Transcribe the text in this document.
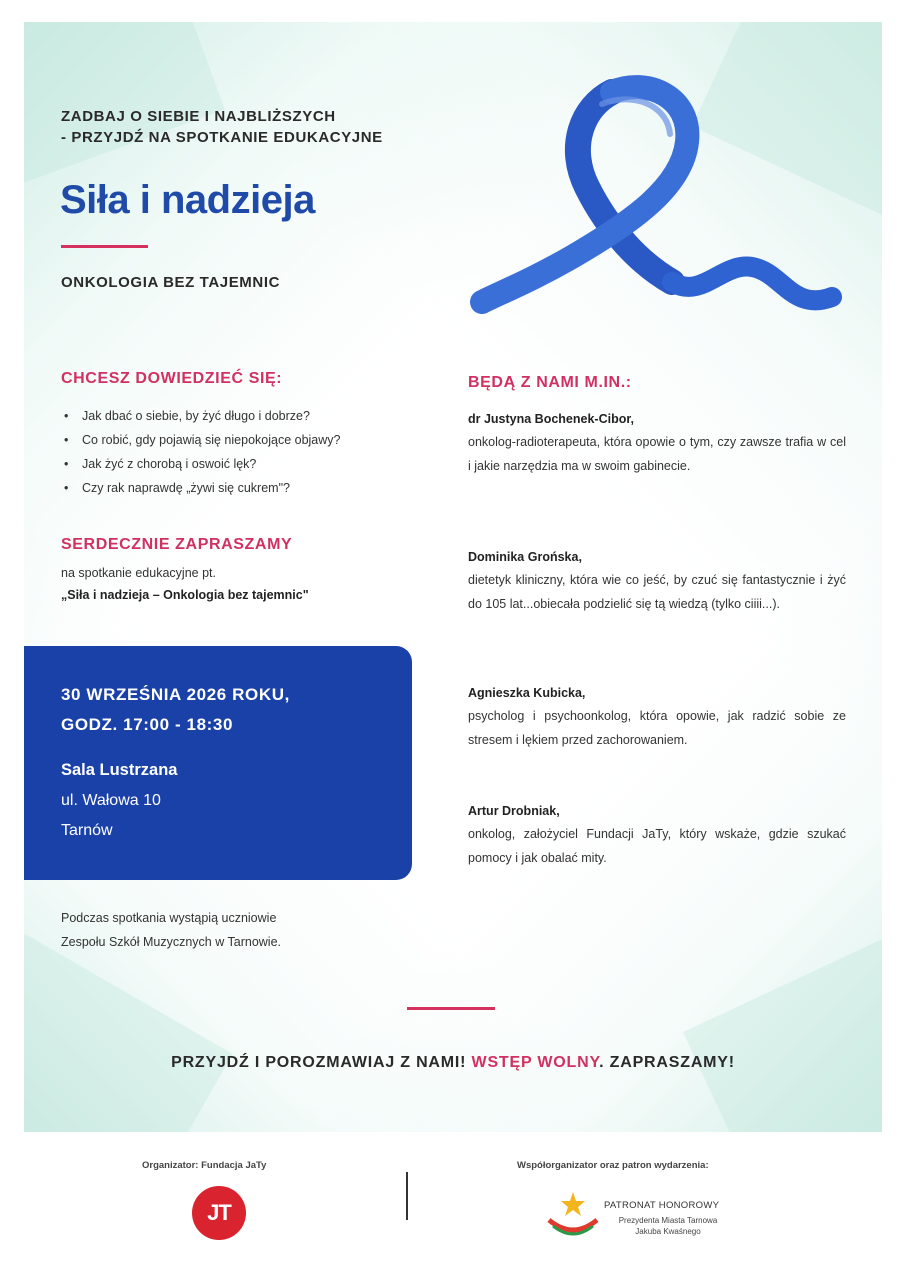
ZADBAJ O SIEBIE I NAJBLIŻSZYCH
- PRZYJDŹ NA SPOTKANIE EDUKACYJNE
Siła i nadzieja
ONKOLOGIA BEZ TAJEMNIC
CHCESZ DOWIEDZIEĆ SIĘ:
• Jak dbać o siebie, by żyć długo i dobrze?
• Co robić, gdy pojawią się niepokojące objawy?
• Jak żyć z chorobą i oswoić lęk?
• Czy rak naprawdę „żywi się cukrem"?
SERDECZNIE ZAPRASZAMY
na spotkanie edukacyjne pt.
„Siła i nadzieja – Onkologia bez tajemnic"
30 WRZEŚNIA 2026 ROKU,
GODZ. 17:00 - 18:30
Sala Lustrzana
ul. Wałowa 10
Tarnów
Podczas spotkania wystąpią uczniowie
Zespołu Szkół Muzycznych w Tarnowie.
BĘDĄ Z NAMI M.IN.:
dr Justyna Bochenek-Cibor,
onkolog-radioterapeuta, która opowie o tym, czy zawsze trafia w cel i jakie narzędzia ma w swoim gabinecie.
Dominika Grońska,
dietetyk kliniczny, która wie co jeść, by czuć się fantastycznie i żyć do 105 lat...obiecała podzielić się tą wiedzą (tylko ciiii...).
Agnieszka Kubicka,
psycholog i psychoonkolog, która opowie, jak radzić sobie ze stresem i lękiem przed zachorowaniem.
Artur Drobniak,
onkolog, założyciel Fundacji JaTy, który wskaże, gdzie szukać pomocy i jak obalać mity.
PRZYJDŹ I POROZMAWIAJ Z NAMI! WSTĘP WOLNY. ZAPRASZAMY!
Organizator: Fundacja JaTy
JT
Współorganizator oraz patron wydarzenia:
PATRONAT HONOROWY
Prezydenta Miasta Tarnowa
Jakuba Kwaśnego
